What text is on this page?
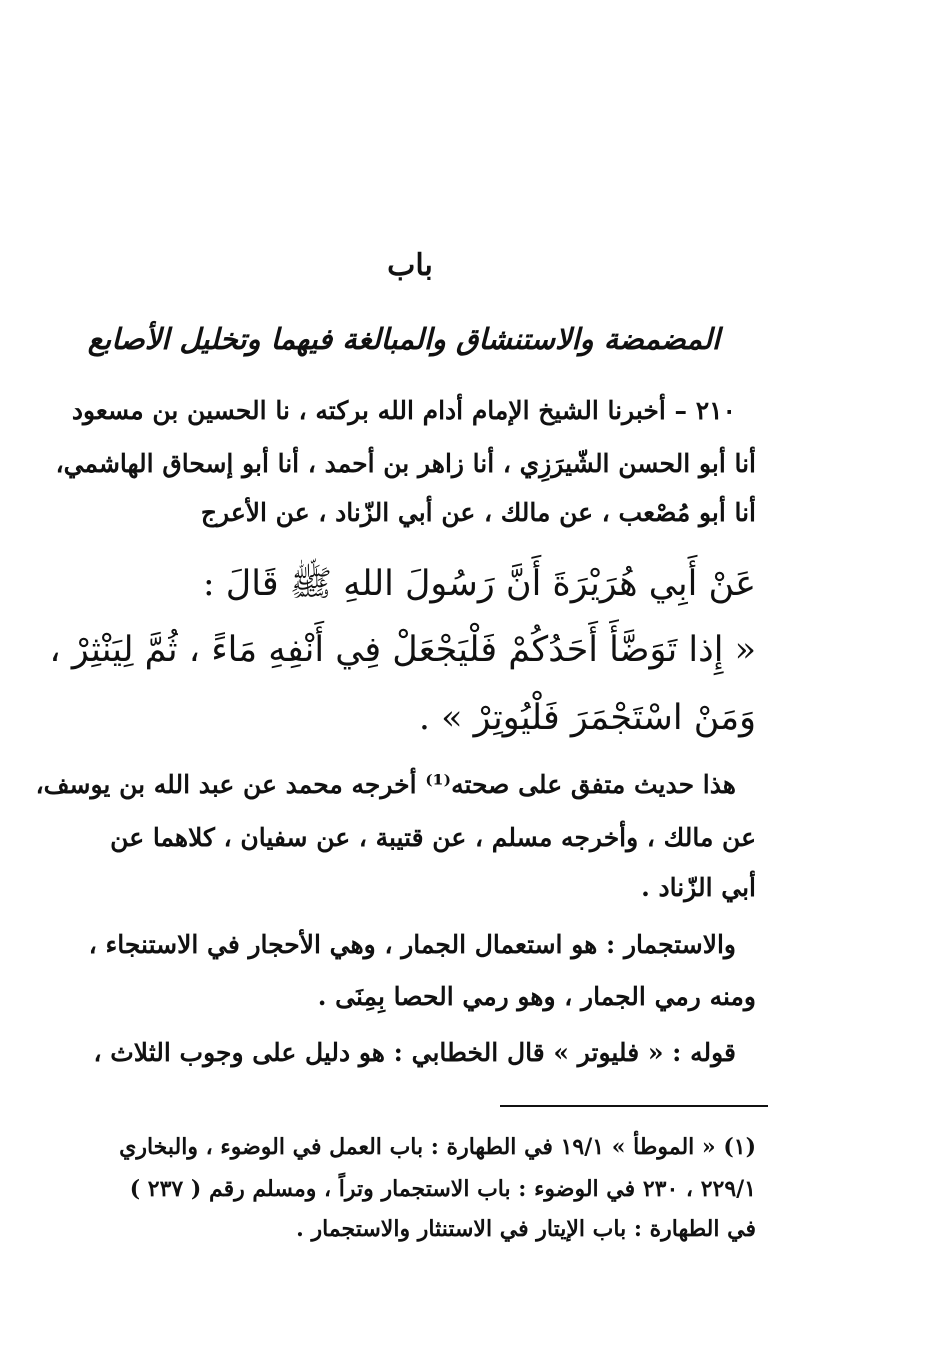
باب
المضمضة والاستنشاق والمبالغة فيهما وتخليل الأصابع
٢١٠ – أخبرنا الشيخ الإمام أدام الله بركته ، نا الحسين بن مسعود
أنا أبو الحسن الشّيرَزِي ، أنا زاهر بن أحمد ، أنا أبو إسحاق الهاشمي،
أنا أبو مُصْعب ، عن مالك ، عن أبي الزّناد ، عن الأعرج
عَنْ أَبِي هُرَيْرَةَ أَنَّ رَسُولَ اللهِ ﷺ قَالَ :
« إِذا تَوَضَّأَ أَحَدُكُمْ فَلْيَجْعَلْ فِي أَنْفِهِ مَاءً ، ثُمَّ لِيَنْثِرْ ،
وَمَنْ اسْتَجْمَرَ فَلْيُوتِرْ » .
هذا حديث متفق على صحته⁽¹⁾ أخرجه محمد عن عبد الله بن يوسف،
عن مالك ، وأخرجه مسلم ، عن قتيبة ، عن سفيان ، كلاهما عن
أبي الزّناد .
والاستجمار : هو استعمال الجمار ، وهي الأحجار في الاستنجاء ،
ومنه رمي الجمار ، وهو رمي الحصا بِمِنَى .
قوله : « فليوتر » قال الخطابي : هو دليل على وجوب الثلاث ،
(١) « الموطأ » ١٩/١ في الطهارة : باب العمل في الوضوء ، والبخاري
٢٢٩/١ ، ٢٣٠ في الوضوء : باب الاستجمار وتراً ، ومسلم رقم ( ٢٣٧ )
في الطهارة : باب الإيتار في الاستنثار والاستجمار .
